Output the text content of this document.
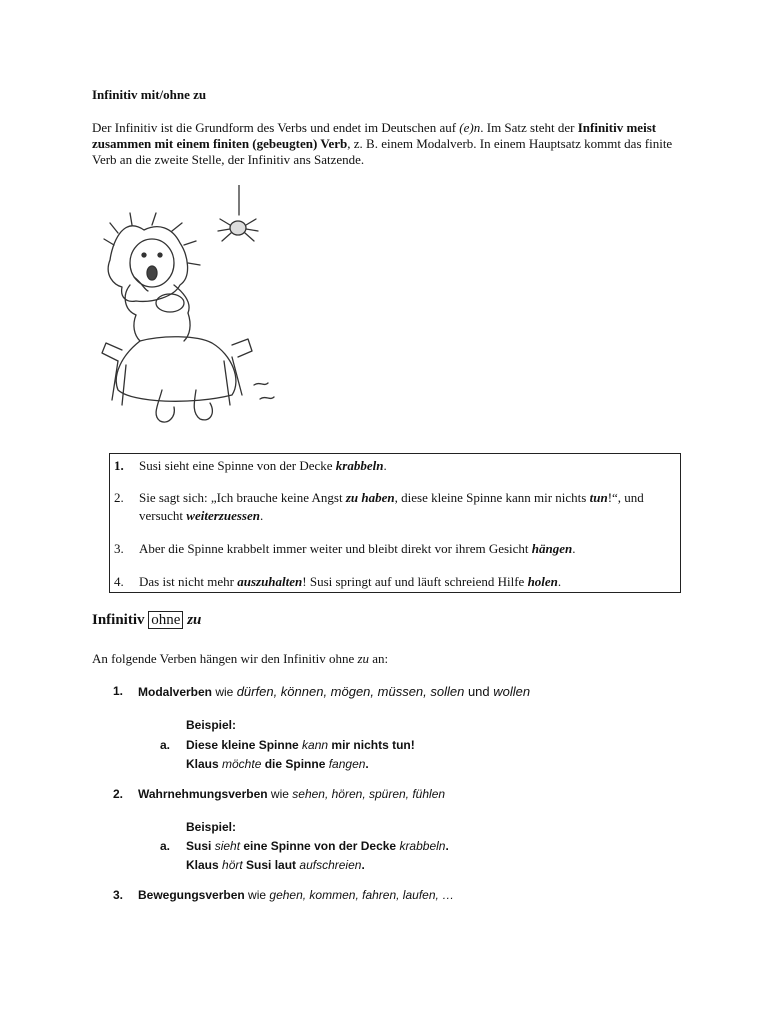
Infinitiv mit/ohne zu
Der Infinitiv ist die Grundform des Verbs und endet im Deutschen auf (e)n. Im Satz steht der Infinitiv meist zusammen mit einem finiten (gebeugten) Verb, z. B. einem Modalverb. In einem Hauptsatz kommt das finite Verb an die zweite Stelle, der Infinitiv ans Satzende.
1.	Susi sieht eine Spinne von der Decke krabbeln.
2.	Sie sagt sich: „Ich brauche keine Angst zu haben, diese kleine Spinne kann mir nichts tun!“, und versucht weiterzuessen.
3.	Aber die Spinne krabbelt immer weiter und bleibt direkt vor ihrem Gesicht hängen.
4.	Das ist nicht mehr auszuhalten! Susi springt auf und läuft schreiend Hilfe holen.
Infinitiv ohne zu
An folgende Verben hängen wir den Infinitiv ohne zu an:
1. Modalverben wie dürfen, können, mögen, müssen, sollen und wollen
Beispiel:
a. Diese kleine Spinne kann mir nichts tun!
Klaus möchte die Spinne fangen.
2. Wahrnehmungsverben wie sehen, hören, spüren, fühlen
Beispiel:
a. Susi sieht eine Spinne von der Decke krabbeln.
Klaus hört Susi laut aufschreien.
3. Bewegungsverben wie gehen, kommen, fahren, laufen, …
